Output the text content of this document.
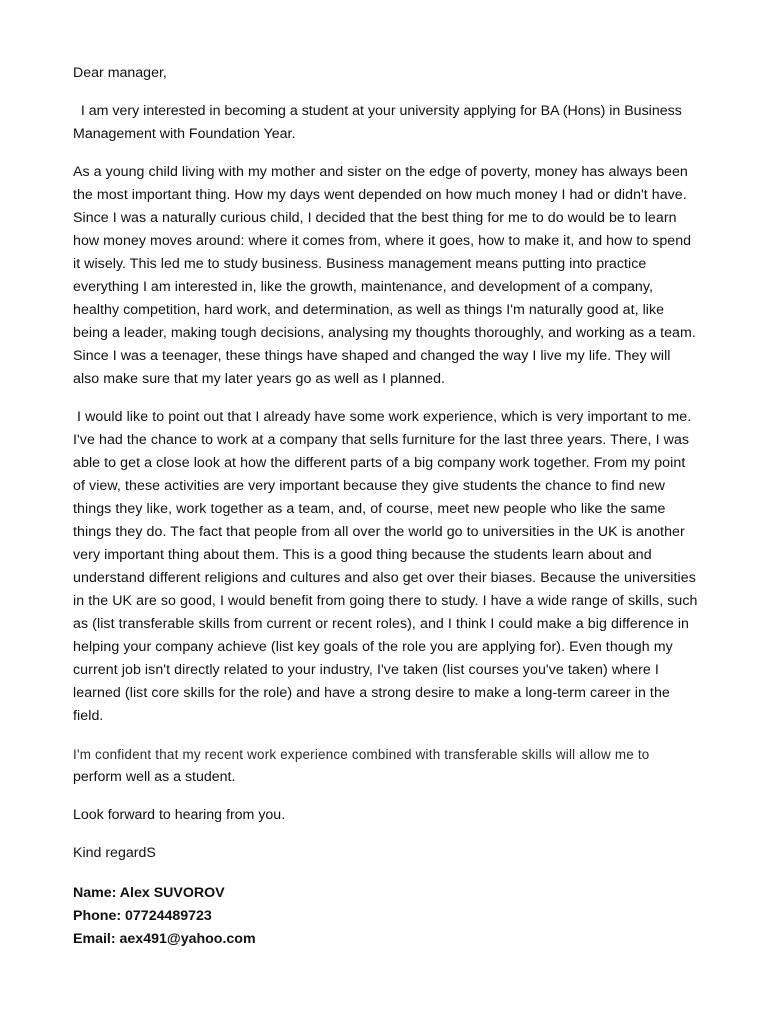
Dear manager,

I am very interested in becoming a student at your university applying for BA (Hons) in Business Management with Foundation Year.

As a young child living with my mother and sister on the edge of poverty, money has always been the most important thing. How my days went depended on how much money I had or didn't have. Since I was a naturally curious child, I decided that the best thing for me to do would be to learn how money moves around: where it comes from, where it goes, how to make it, and how to spend it wisely. This led me to study business. Business management means putting into practice everything I am interested in, like the growth, maintenance, and development of a company, healthy competition, hard work, and determination, as well as things I'm naturally good at, like being a leader, making tough decisions, analysing my thoughts thoroughly, and working as a team. Since I was a teenager, these things have shaped and changed the way I live my life. They will also make sure that my later years go as well as I planned.

I would like to point out that I already have some work experience, which is very important to me. I've had the chance to work at a company that sells furniture for the last three years. There, I was able to get a close look at how the different parts of a big company work together. From my point of view, these activities are very important because they give students the chance to find new things they like, work together as a team, and, of course, meet new people who like the same things they do. The fact that people from all over the world go to universities in the UK is another very important thing about them. This is a good thing because the students learn about and understand different religions and cultures and also get over their biases. Because the universities in the UK are so good, I would benefit from going there to study. I have a wide range of skills, such as (list transferable skills from current or recent roles), and I think I could make a big difference in helping your company achieve (list key goals of the role you are applying for). Even though my current job isn't directly related to your industry, I've taken (list courses you've taken) where I learned (list core skills for the role) and have a strong desire to make a long-term career in the field.

I'm confident that my recent work experience combined with transferable skills will allow me to
perform well as a student.

Look forward to hearing from you.

Kind regardS

Name: Alex SUVOROV
Phone: 07724489723
Email: aex491@yahoo.com
